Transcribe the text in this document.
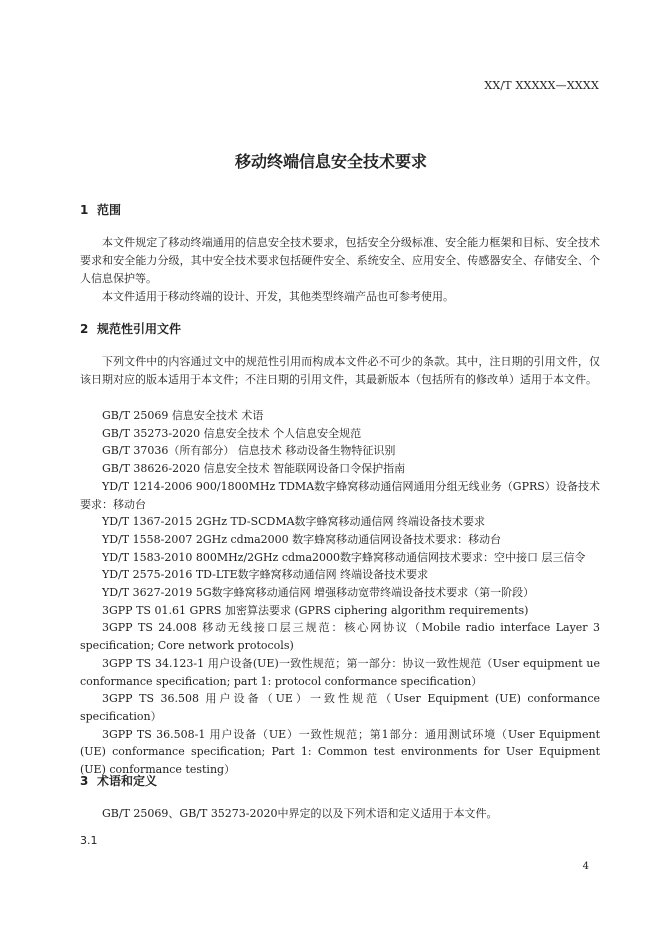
XX/T XXXXX—XXXX
移动终端信息安全技术要求
1 范围
本文件规定了移动终端通用的信息安全技术要求，包括安全分级标准、安全能力框架和目标、安全技术要求和安全能力分级，其中安全技术要求包括硬件安全、系统安全、应用安全、传感器安全、存储安全、个人信息保护等。
本文件适用于移动终端的设计、开发，其他类型终端产品也可参考使用。
2 规范性引用文件
下列文件中的内容通过文中的规范性引用而构成本文件必不可少的条款。其中，注日期的引用文件，仅该日期对应的版本适用于本文件；不注日期的引用文件，其最新版本（包括所有的修改单）适用于本文件。
GB/T 25069 信息安全技术 术语
GB/T 35273-2020 信息安全技术 个人信息安全规范
GB/T 37036（所有部分） 信息技术 移动设备生物特征识别
GB/T 38626-2020 信息安全技术 智能联网设备口令保护指南
YD/T 1214-2006 900/1800MHz TDMA数字蜂窝移动通信网通用分组无线业务（GPRS）设备技术要求：移动台
YD/T 1367-2015 2GHz TD-SCDMA数字蜂窝移动通信网 终端设备技术要求
YD/T 1558-2007 2GHz cdma2000 数字蜂窝移动通信网设备技术要求：移动台
YD/T 1583-2010 800MHz/2GHz cdma2000数字蜂窝移动通信网技术要求：空中接口 层三信令
YD/T 2575-2016 TD-LTE数字蜂窝移动通信网 终端设备技术要求
YD/T 3627-2019 5G数字蜂窝移动通信网 增强移动宽带终端设备技术要求（第一阶段）
3GPP TS 01.61 GPRS 加密算法要求 (GPRS ciphering algorithm requirements)
3GPP TS 24.008 移动无线接口层三规范：核心网协议（Mobile radio interface Layer 3 specification; Core network protocols)
3GPP TS 34.123-1 用户设备(UE)一致性规范；第一部分：协议一致性规范（User equipment ue conformance specification; part 1: protocol conformance specification）
3GPP TS 36.508 用户设备（UE）一致性规范（User Equipment (UE) conformance specification）
3GPP TS 36.508-1 用户设备（UE）一致性规范；第1部分：通用测试环境（User Equipment (UE) conformance specification; Part 1: Common test environments for User Equipment (UE) conformance testing）
3 术语和定义
GB/T 25069、GB/T 35273-2020中界定的以及下列术语和定义适用于本文件。
3.1
4
